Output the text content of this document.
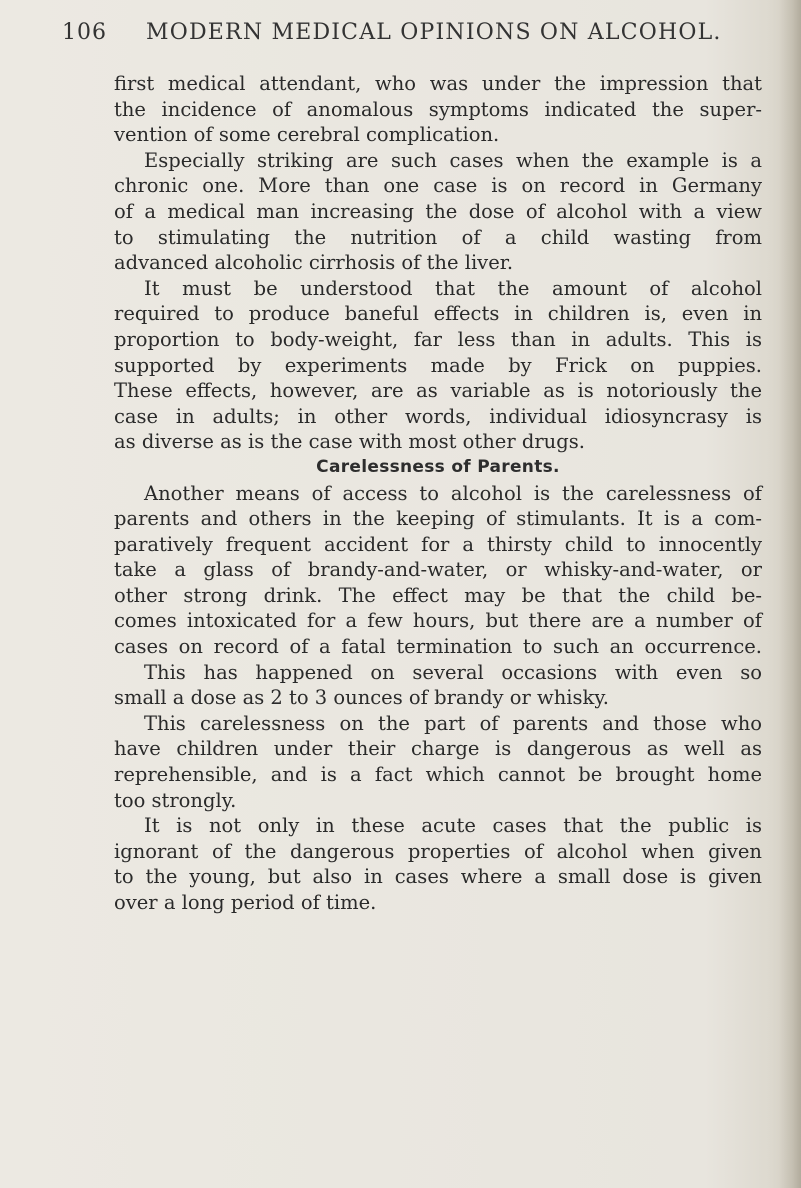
106 MODERN MEDICAL OPINIONS ON ALCOHOL.

first medical attendant, who was under the impression that

the incidence of anomalous symptoms indicated the super-

vention of some cerebral complication.

Especially striking are such cases when the example is a

chronic one. More than one case is on record in Germany

of a medical man increasing the dose of alcohol with a view

to stimulating the nutrition of a child wasting from

advanced alcoholic cirrhosis of the liver.

It must be understood that the amount of alcohol

required to produce baneful effects in children is, even in

proportion to body-weight, far less than in adults. This is

supported by experiments made by Frick on puppies.

These effects, however, are as variable as is notoriously the

case in adults; in other words, individual idiosyncrasy is

as diverse as is the case with most other drugs.

Carelessness of Parents.

Another means of access to alcohol is the carelessness of

parents and others in the keeping of stimulants. It is a com-

paratively frequent accident for a thirsty child to innocently

take a glass of brandy-and-water, or whisky-and-water, or

other strong drink. The effect may be that the child be-

comes intoxicated for a few hours, but there are a number of

cases on record of a fatal termination to such an occurrence.

This has happened on several occasions with even so

small a dose as 2 to 3 ounces of brandy or whisky.

This carelessness on the part of parents and those who

have children under their charge is dangerous as well as

reprehensible, and is a fact which cannot be brought home

too strongly.

It is not only in these acute cases that the public is

ignorant of the dangerous properties of alcohol when given

to the young, but also in cases where a small dose is given

over a long period of time.
